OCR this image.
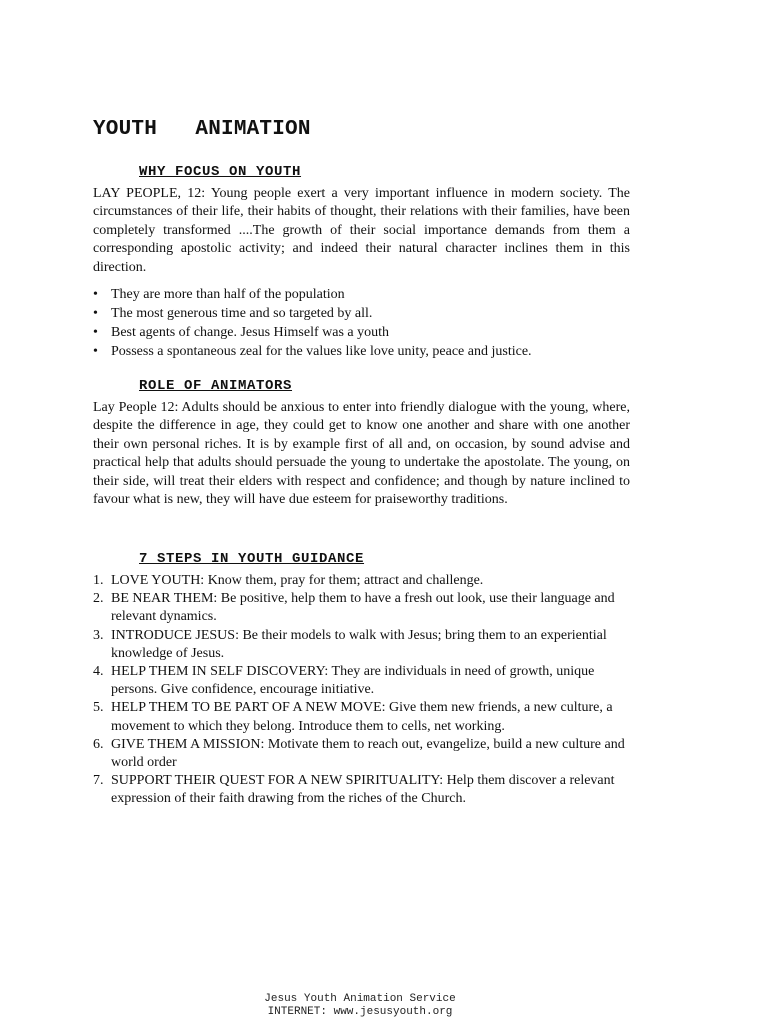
YOUTH   ANIMATION
WHY FOCUS ON YOUTH

LAY PEOPLE, 12: Young people exert a very important influence in modern society. The circumstances of their life, their habits of thought, their relations with their families, have been completely transformed ....The growth of their social importance demands from them a corresponding apostolic activity; and indeed their natural character inclines them in this direction.

• They are more than half of the population
• The most generous time and so targeted by all.
• Best agents of change. Jesus Himself was a youth
• Possess a spontaneous zeal for the values like love unity, peace and justice.
ROLE OF ANIMATORS

Lay People 12: Adults should be anxious to enter into friendly dialogue with the young, where, despite the difference in age, they could get to know one another and share with one another their own personal riches. It is by example first of all and, on occasion, by sound advise and practical help that adults should persuade the young to undertake the apostolate. The young, on their side, will treat their elders with respect and confidence; and though by nature inclined to favour what is new, they will have due esteem for praiseworthy traditions.

7 STEPS IN YOUTH GUIDANCE
1. LOVE YOUTH: Know them, pray for them; attract and challenge.
2. BE NEAR THEM: Be positive, help them to have a fresh out look, use their language and relevant dynamics.
3. INTRODUCE JESUS: Be their models to walk with Jesus; bring them to an experiential knowledge of Jesus.
4. HELP THEM IN SELF DISCOVERY: They are individuals in need of growth, unique persons. Give confidence, encourage initiative.
5. HELP THEM TO BE PART OF A NEW MOVE: Give them new friends, a new culture, a movement to which they belong. Introduce them to cells, net working.
6. GIVE THEM A MISSION: Motivate them to reach out, evangelize, build a new culture and world order
7. SUPPORT THEIR QUEST FOR A NEW SPIRITUALITY: Help them discover a relevant expression of their faith drawing from the riches of the Church.
Jesus Youth Animation Service
INTERNET: www.jesusyouth.org
